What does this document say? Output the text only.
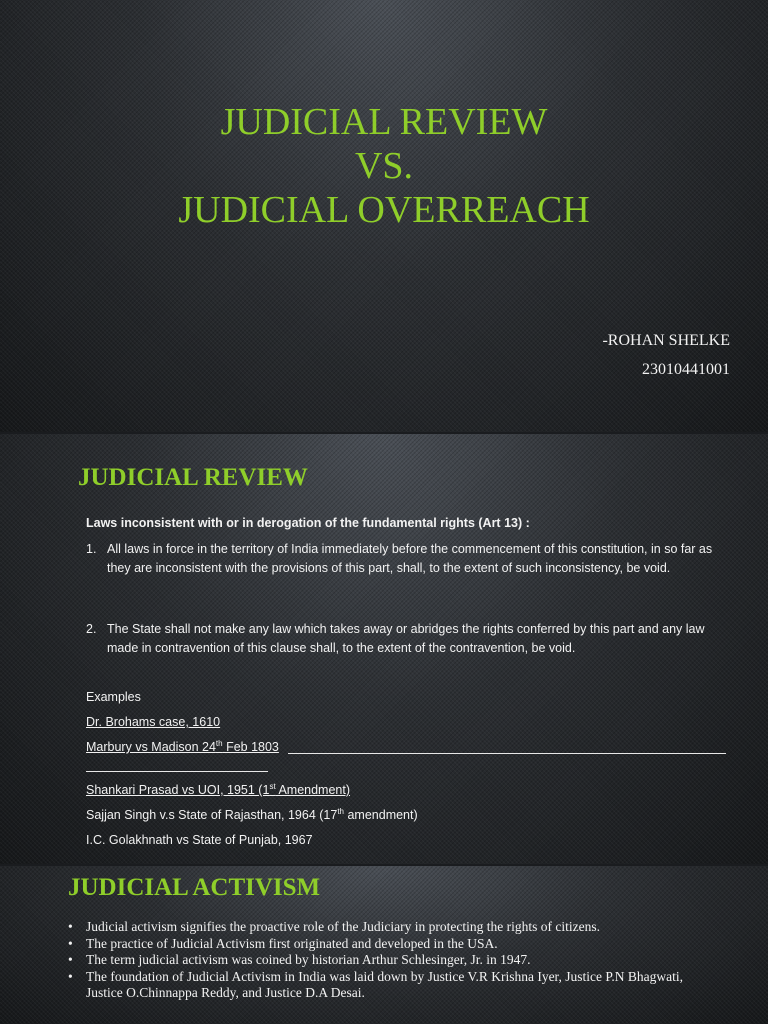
JUDICIAL REVIEW
VS.
JUDICIAL OVERREACH
-ROHAN SHELKE
23010441001
JUDICIAL REVIEW
Laws inconsistent with or in derogation of the fundamental rights (Art 13) :
1. All laws in force in the territory of India immediately before the commencement of this constitution, in so far as they are inconsistent with the provisions of this part, shall, to the extent of such inconsistency, be void.
2. The State shall not make any law which takes away or abridges the rights conferred by this part and any law made in contravention of this clause shall, to the extent of the contravention, be void.
Examples
Dr. Brohams case, 1610
Marbury vs Madison 24th Feb 1803
Shankari Prasad vs UOI, 1951 (1st Amendment)
Sajjan Singh v.s State of Rajasthan, 1964 (17th amendment)
I.C. Golakhnath vs State of Punjab, 1967
JUDICIAL ACTIVISM
• Judicial activism signifies the proactive role of the Judiciary in protecting the rights of citizens.
• The practice of Judicial Activism first originated and developed in the USA.
• The term judicial activism was coined by historian Arthur Schlesinger, Jr. in 1947.
• The foundation of Judicial Activism in India was laid down by Justice V.R Krishna Iyer, Justice P.N Bhagwati, Justice O.Chinnappa Reddy, and Justice D.A Desai.
